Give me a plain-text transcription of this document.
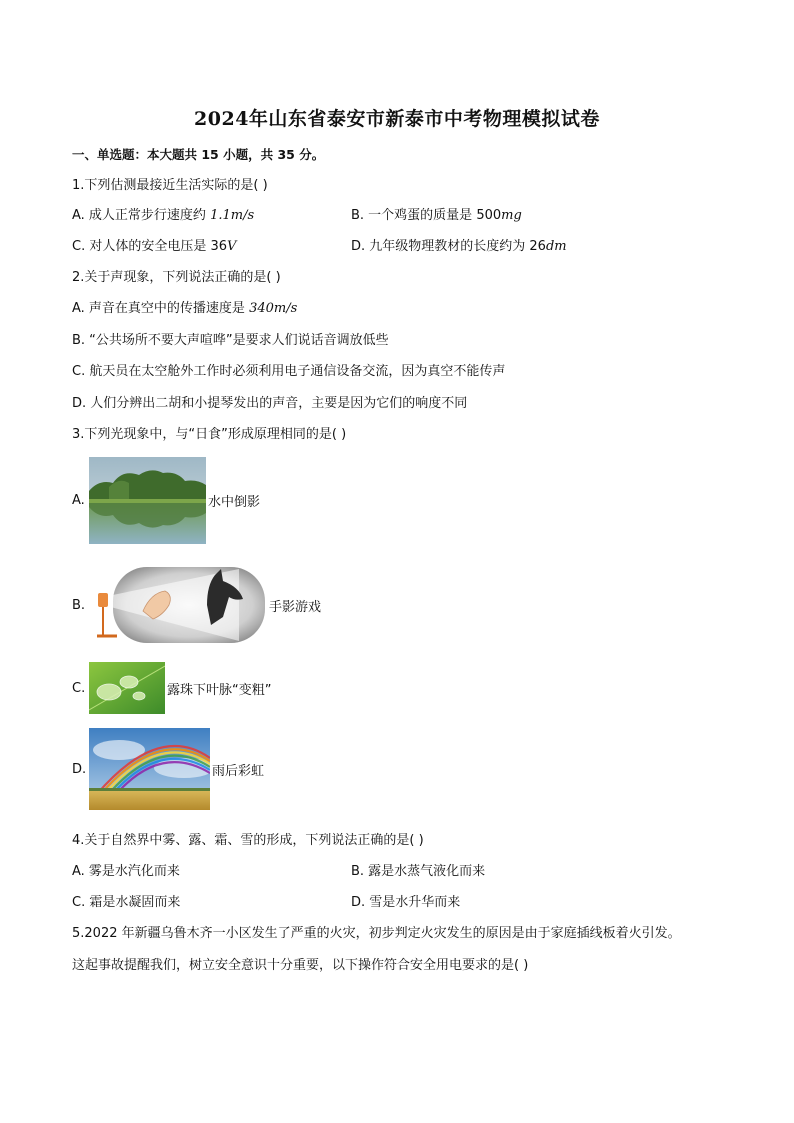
2024年山东省泰安市新泰市中考物理模拟试卷
一、单选题：本大题共 15 小题，共 35 分。
1.下列估测最接近生活实际的是( )
A. 成人正常步行速度约 1.1m/s	B. 一个鸡蛋的质量是 500mg
C. 对人体的安全电压是 36V	D. 九年级物理教材的长度约为 26dm
2.关于声现象，下列说法正确的是( )
A. 声音在真空中的传播速度是 340m/s
B. “公共场所不要大声喧哗”是要求人们说话音调放低些
C. 航天员在太空舱外工作时必须利用电子通信设备交流，因为真空不能传声
D. 人们分辨出二胡和小提琴发出的声音，主要是因为它们的响度不同
3.下列光现象中，与“日食”形成原理相同的是( )
A.	水中倒影
B.	手影游戏
C.	露珠下叶脉“变粗”
D.	雨后彩虹
4.关于自然界中雾、露、霜、雪的形成，下列说法正确的是( )
A. 雾是水汽化而来	B. 露是水蒸气液化而来
C. 霜是水凝固而来	D. 雪是水升华而来
5.2022 年新疆乌鲁木齐一小区发生了严重的火灾，初步判定火灾发生的原因是由于家庭插线板着火引发。
这起事故提醒我们，树立安全意识十分重要，以下操作符合安全用电要求的是( )
